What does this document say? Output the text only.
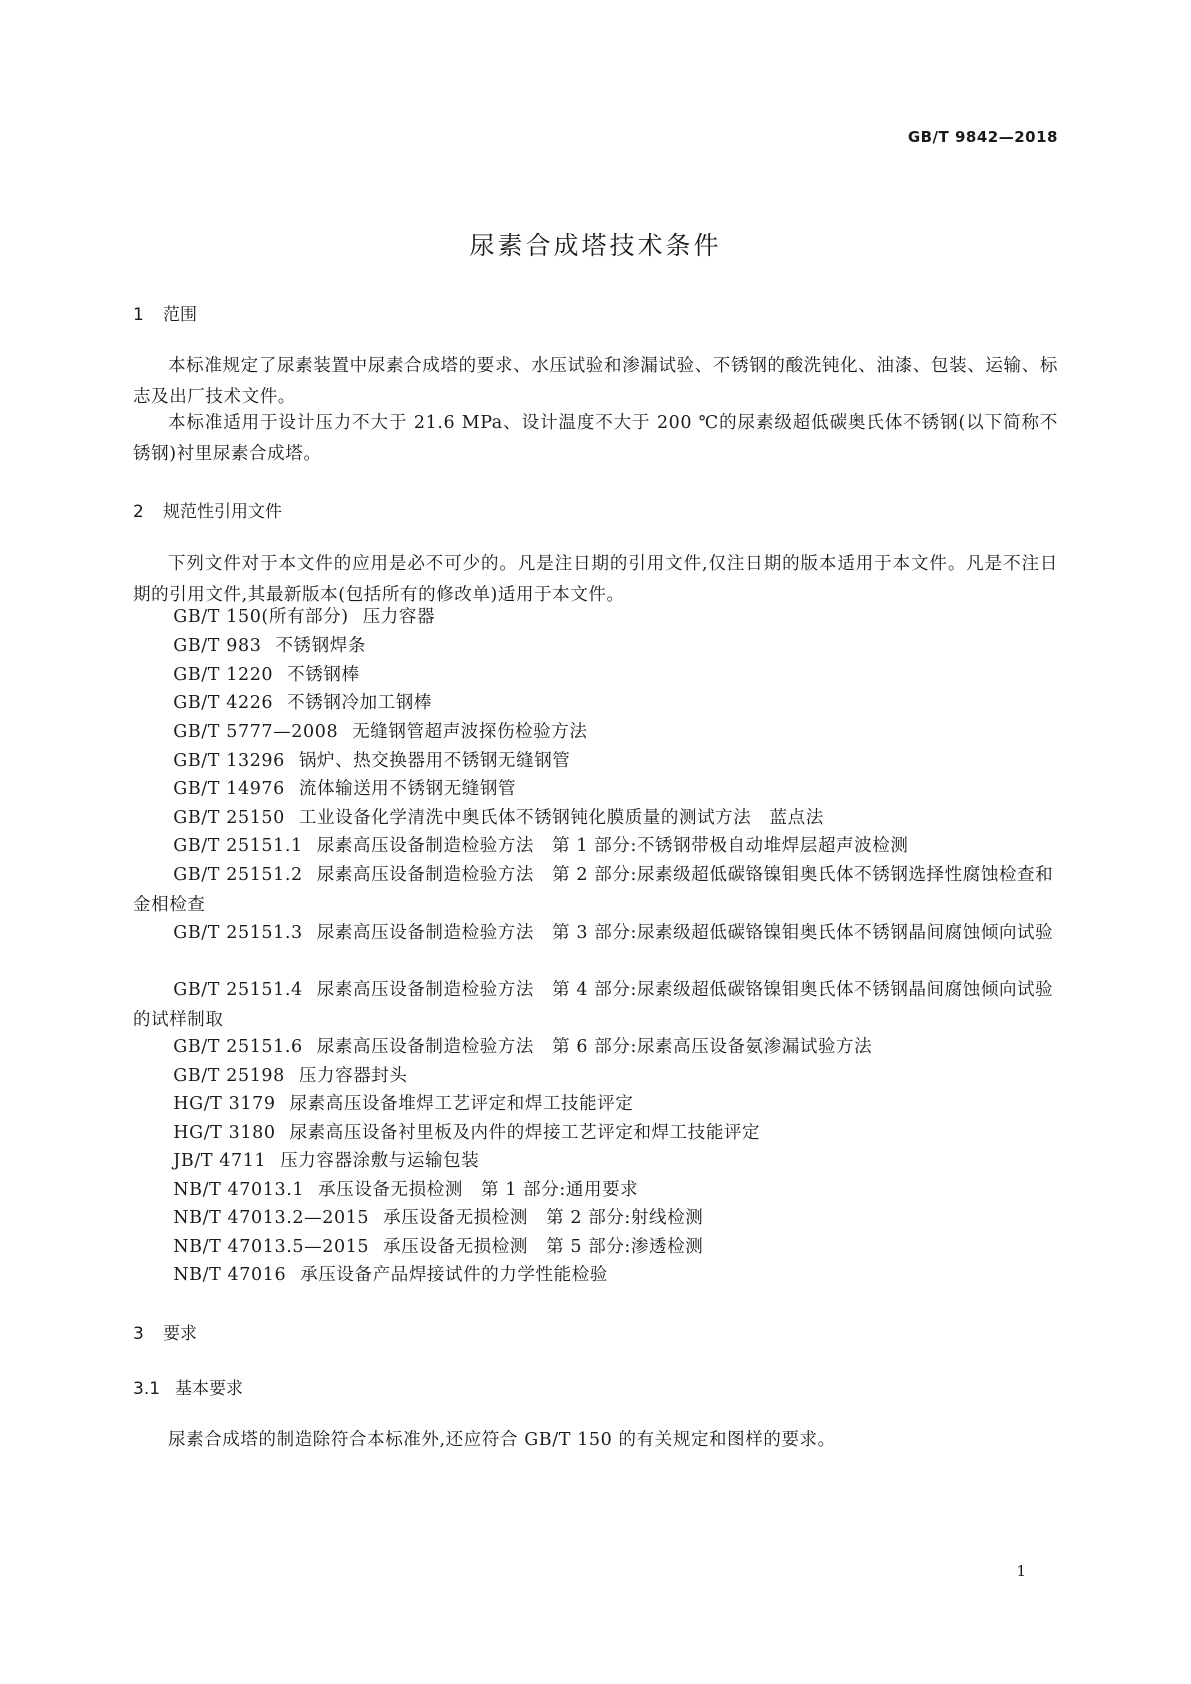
GB/T 9842—2018
尿素合成塔技术条件
1 范围

本标准规定了尿素装置中尿素合成塔的要求、水压试验和渗漏试验、不锈钢的酸洗钝化、油漆、包装、运输、标志及出厂技术文件。

本标准适用于设计压力不大于 21.6 MPa、设计温度不大于 200 ℃的尿素级超低碳奥氏体不锈钢(以下简称不锈钢)衬里尿素合成塔。

2 规范性引用文件

下列文件对于本文件的应用是必不可少的。凡是注日期的引用文件,仅注日期的版本适用于本文件。凡是不注日期的引用文件,其最新版本(包括所有的修改单)适用于本文件。

GB/T 150(所有部分) 压力容器

GB/T 983 不锈钢焊条

GB/T 1220 不锈钢棒

GB/T 4226 不锈钢冷加工钢棒

GB/T 5777—2008 无缝钢管超声波探伤检验方法

GB/T 13296 锅炉、热交换器用不锈钢无缝钢管

GB/T 14976 流体输送用不锈钢无缝钢管

GB/T 25150 工业设备化学清洗中奥氏体不锈钢钝化膜质量的测试方法　蓝点法

GB/T 25151.1 尿素高压设备制造检验方法　第 1 部分:不锈钢带极自动堆焊层超声波检测

GB/T 25151.2 尿素高压设备制造检验方法　第 2 部分:尿素级超低碳铬镍钼奥氏体不锈钢选择性腐蚀检查和金相检查

GB/T 25151.3 尿素高压设备制造检验方法　第 3 部分:尿素级超低碳铬镍钼奥氏体不锈钢晶间腐蚀倾向试验

GB/T 25151.4 尿素高压设备制造检验方法　第 4 部分:尿素级超低碳铬镍钼奥氏体不锈钢晶间腐蚀倾向试验的试样制取

GB/T 25151.6 尿素高压设备制造检验方法　第 6 部分:尿素高压设备氨渗漏试验方法

GB/T 25198 压力容器封头

HG/T 3179 尿素高压设备堆焊工艺评定和焊工技能评定

HG/T 3180 尿素高压设备衬里板及内件的焊接工艺评定和焊工技能评定

JB/T 4711 压力容器涂敷与运输包装

NB/T 47013.1 承压设备无损检测　第 1 部分:通用要求

NB/T 47013.2—2015 承压设备无损检测　第 2 部分:射线检测

NB/T 47013.5—2015 承压设备无损检测　第 5 部分:渗透检测

NB/T 47016 承压设备产品焊接试件的力学性能检验

3 要求
3.1 基本要求

尿素合成塔的制造除符合本标准外,还应符合 GB/T 150 的有关规定和图样的要求。

1
